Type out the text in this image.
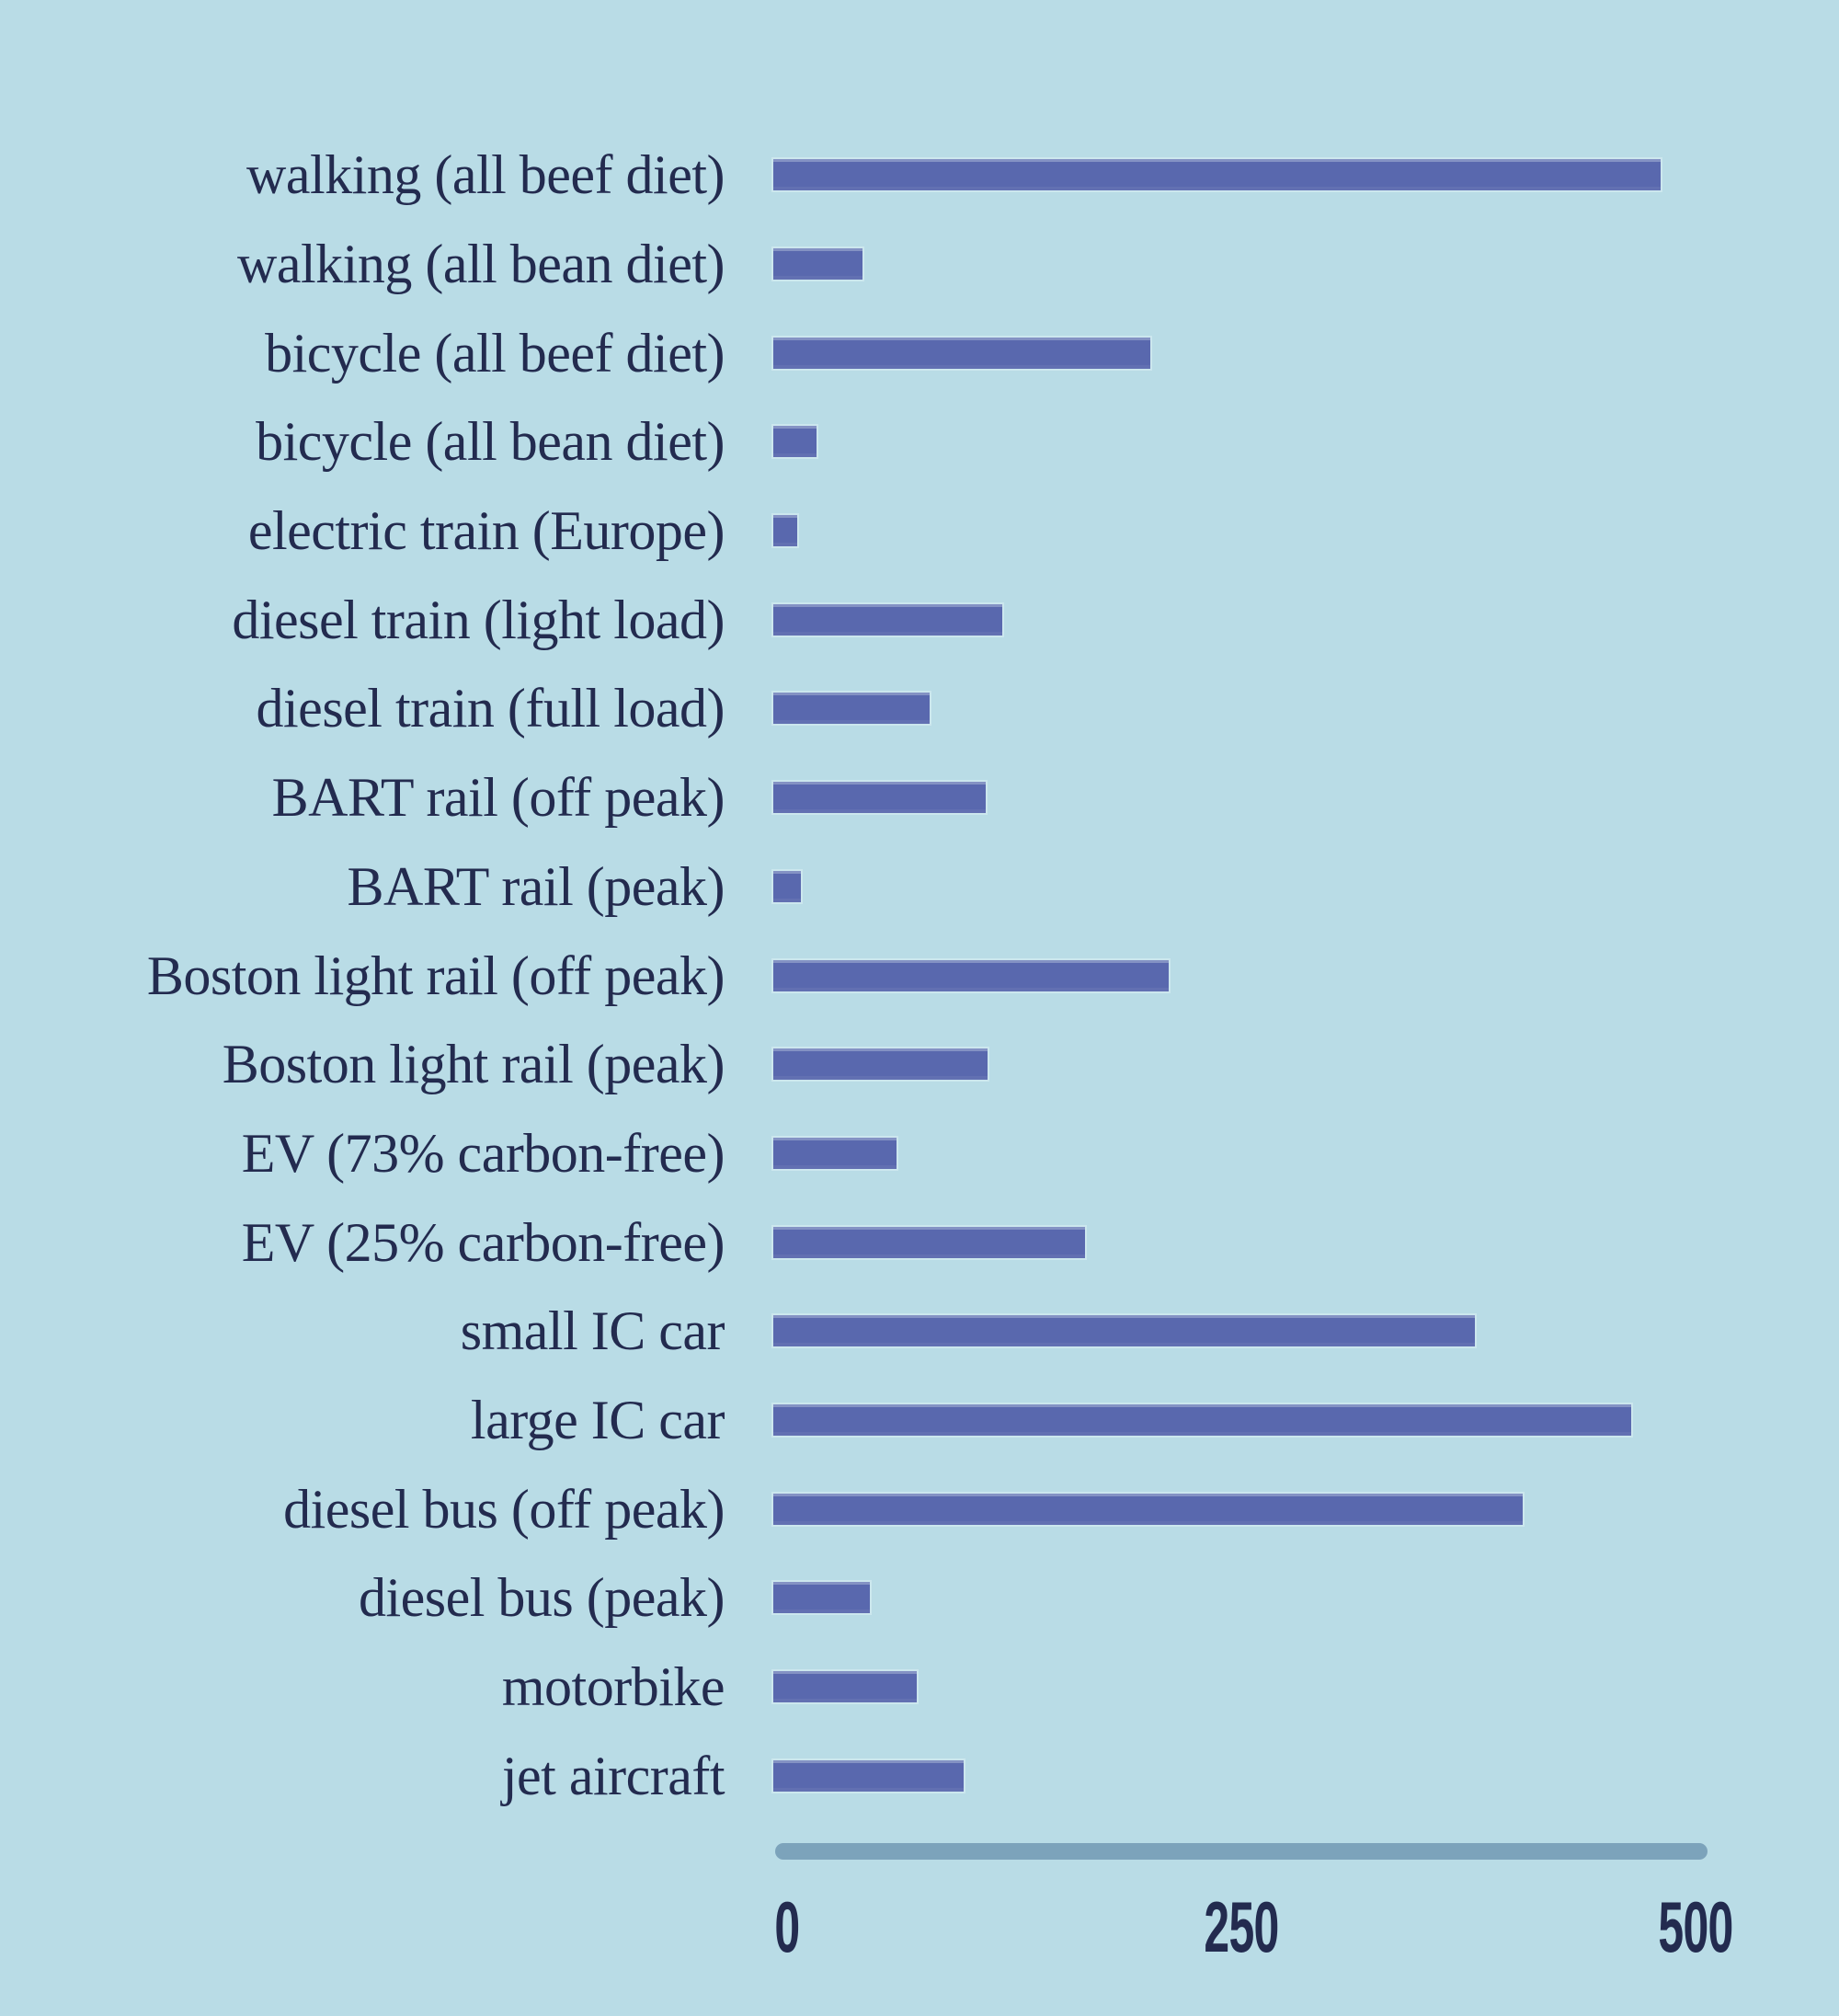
walking (all beef diet)
walking (all bean diet)
bicycle (all beef diet)
bicycle (all bean diet)
electric train (Europe)
diesel train (light load)
diesel train (full load)
BART rail (off peak)
BART rail (peak)
Boston light rail (off peak)
Boston light rail (peak)
EV (73% carbon-free)
EV (25% carbon-free)
small IC car
large IC car
diesel bus (off peak)
diesel bus (peak)
motorbike
jet aircraft
0	250	500
